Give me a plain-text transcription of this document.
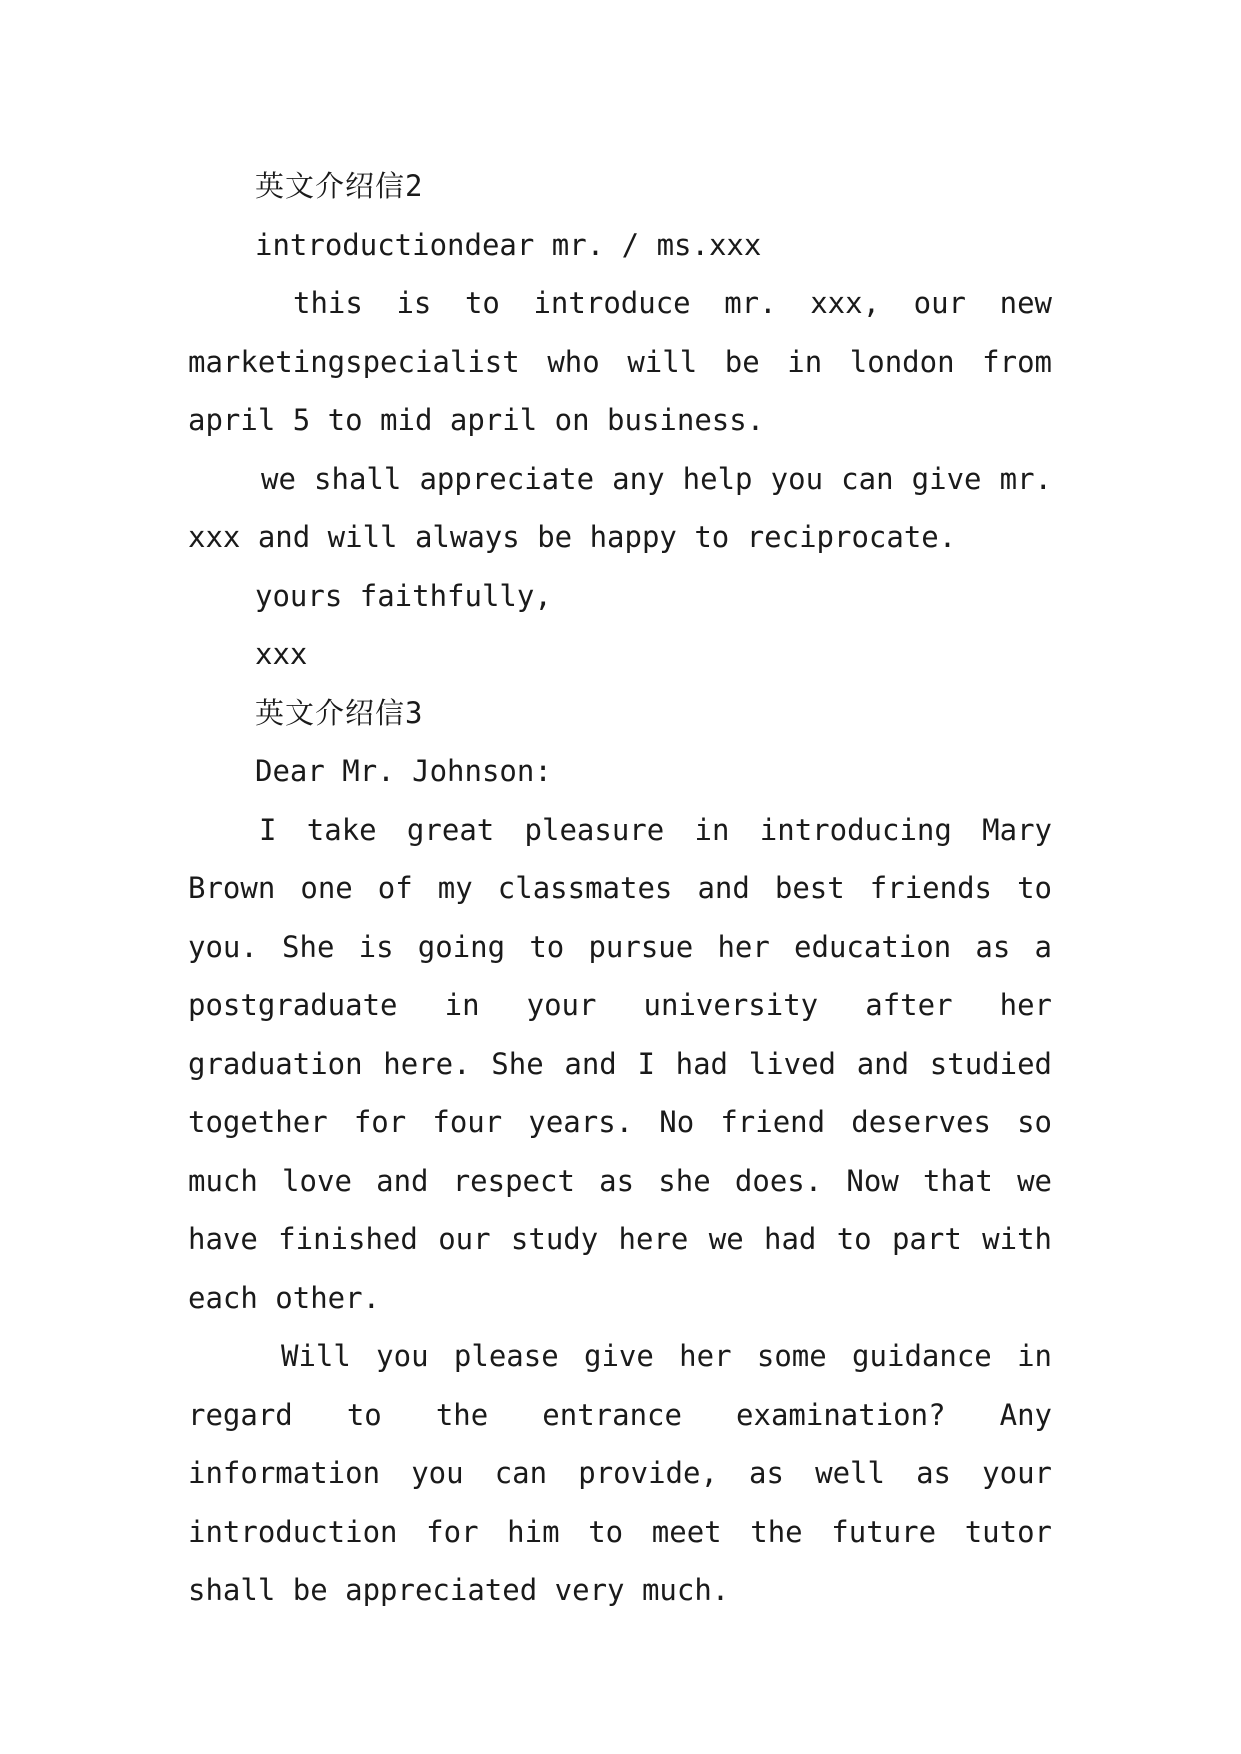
英文介绍信2
introductiondear mr. / ms.xxx
this is to introduce mr. xxx, our new marketingspecialist who will be in london from april 5 to mid april on business.
we shall appreciate any help you can give mr. xxx and will always be happy to reciprocate.
yours faithfully,
xxx
英文介绍信3
Dear Mr. Johnson:
I take great pleasure in introducing Mary Brown one of my classmates and best friends to you. She is going to pursue her education as a postgraduate in your university after her graduation here. She and I had lived and studied together for four years. No friend deserves so much love and respect as she does. Now that we have finished our study here we had to part with each other.
Will you please give her some guidance in regard to the entrance examination? Any information you can provide, as well as your introduction for him to meet the future tutor shall be appreciated very much.
